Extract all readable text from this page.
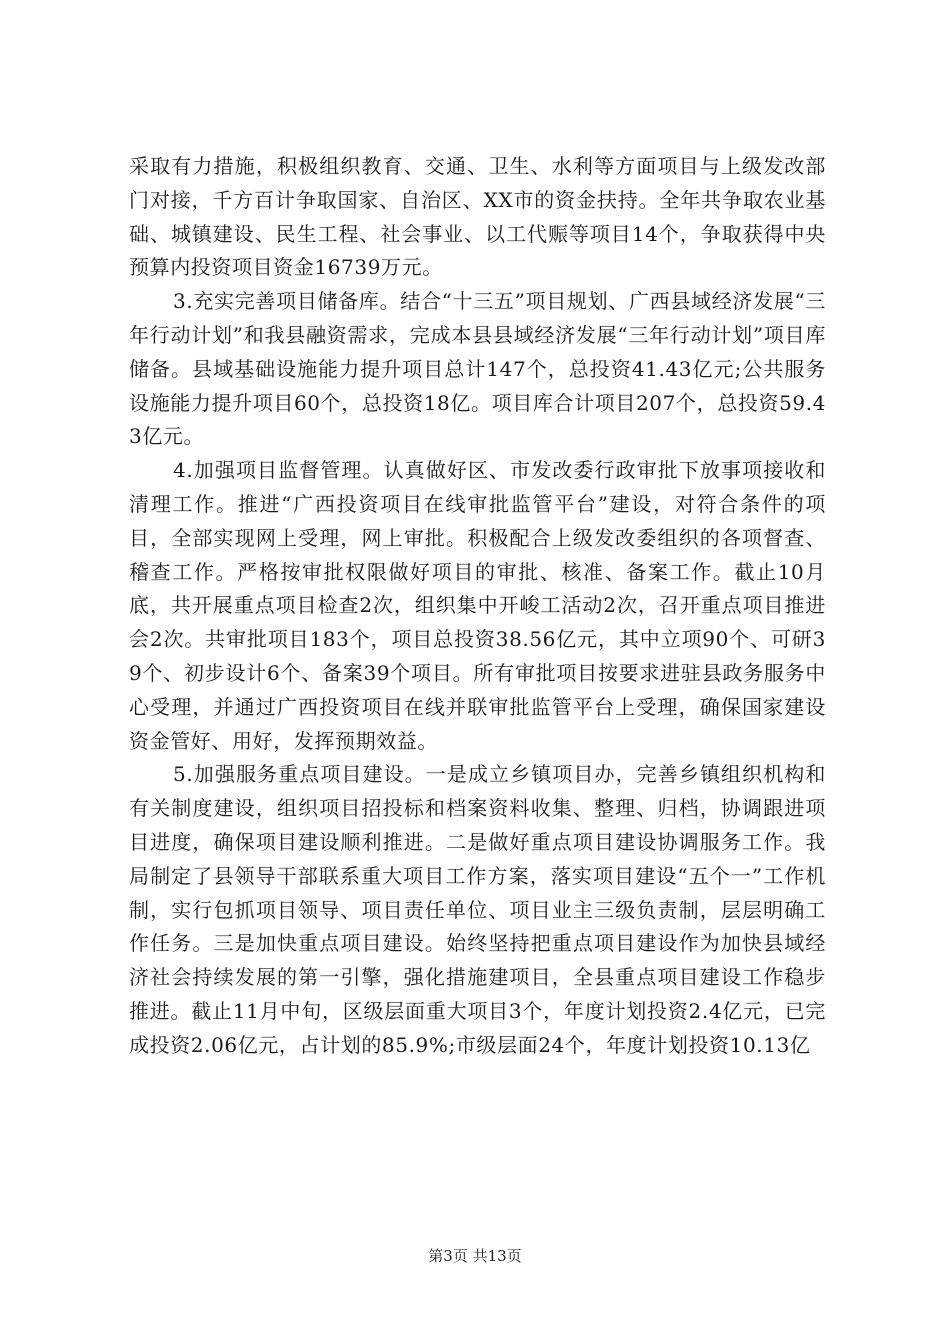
采取有力措施，积极组织教育、交通、卫生、水利等方面项目与上级发改部门对接，千方百计争取国家、自治区、XX市的资金扶持。全年共争取农业基础、城镇建设、民生工程、社会事业、以工代赈等项目14个，争取获得中央预算内投资项目资金16739万元。

3.充实完善项目储备库。结合“十三五”项目规划、广西县域经济发展“三年行动计划”和我县融资需求，完成本县县域经济发展“三年行动计划”项目库储备。县域基础设施能力提升项目总计147个，总投资41.43亿元;公共服务设施能力提升项目60个，总投资18亿。项目库合计项目207个，总投资59.43亿元。

4.加强项目监督管理。认真做好区、市发改委行政审批下放事项接收和清理工作。推进“广西投资项目在线审批监管平台”建设，对符合条件的项目，全部实现网上受理，网上审批。积极配合上级发改委组织的各项督查、稽查工作。严格按审批权限做好项目的审批、核准、备案工作。截止10月底，共开展重点项目检查2次，组织集中开峻工活动2次，召开重点项目推进会2次。共审批项目183个，项目总投资38.56亿元，其中立项90个、可研39个、初步设计6个、备案39个项目。所有审批项目按要求进驻县政务服务中心受理，并通过广西投资项目在线并联审批监管平台上受理，确保国家建设资金管好、用好，发挥预期效益。

5.加强服务重点项目建设。一是成立乡镇项目办，完善乡镇组织机构和有关制度建设，组织项目招投标和档案资料收集、整理、归档，协调跟进项目进度，确保项目建设顺利推进。二是做好重点项目建设协调服务工作。我局制定了县领导干部联系重大项目工作方案，落实项目建设“五个一”工作机制，实行包抓项目领导、项目责任单位、项目业主三级负责制，层层明确工作任务。三是加快重点项目建设。始终坚持把重点项目建设作为加快县域经济社会持续发展的第一引擎，强化措施建项目，全县重点项目建设工作稳步推进。截止11月中旬，区级层面重大项目3个，年度计划投资2.4亿元，已完成投资2.06亿元，占计划的85.9%;市级层面24个，年度计划投资10.13亿

第3页 共13页
